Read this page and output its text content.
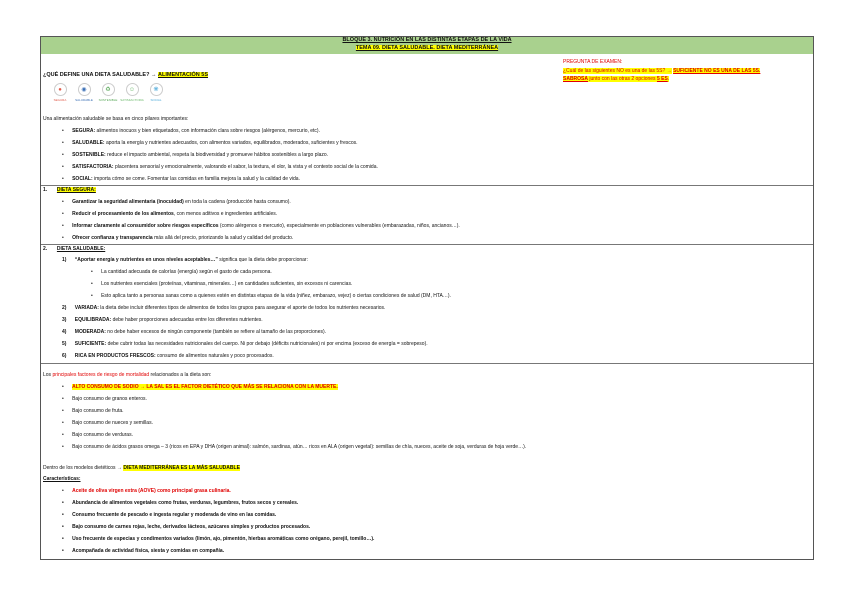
BLOQUE 3. NUTRICIÓN EN LAS DISTINTAS ETAPAS DE LA VIDA
TEMA 09. DIETA SALUDABLE. DIETA MEDITERRÁNEA
¿QUÉ DEFINE UNA DIETA SALUDABLE? → ALIMENTACIÓN 5S
PREGUNTA DE EXAMEN:
¿Cuál de las siguientes NO es una de las 5S? → SUFICIENTE NO ES UNA DE LAS 5S.
SABROSA junto con las otras 2 opciones 5 ES.
●
SEGURA
◉
SALUDABLE
♻
SOSTENIBLE
☺
SATISFACTORIA
❋
SOCIAL
Una alimentación saludable se basa en cinco pilares importantes:
•      SEGURA: alimentos inocuos y bien etiquetados, con información clara sobre riesgos (alérgenos, mercurio, etc).
•      SALUDABLE: aporta la energía y nutrientes adecuados, con alimentos variados, equilibrados, moderados, suficientes y frescos.
•      SOSTENIBLE: reduce el impacto ambiental, respeta la biodiversidad y promueve hábitos sostenibles a largo plazo.
•      SATISFACTORIA: placentera sensorial y emocionalmente, valorando el sabor, la textura, el olor, la vista y el contexto social de la comida.
•      SOCIAL: importa cómo se come. Fomentar las comidas en familia mejora la salud y la calidad de vida.
1. DIETA SEGURA:
•      Garantizar la seguridad alimentaria (inocuidad) en toda la cadena (producción hasta consumo).
•      Reducir el procesamiento de los alimentos, con menos aditivos e ingredientes artificiales.
•      Informar claramente al consumidor sobre riesgos específicos (como alérgenos o mercurio), especialmente en poblaciones vulnerables (embarazadas, niños, ancianos…).
•      Ofrecer confianza y transparencia más allá del precio, priorizando la salud y calidad del producto.
2. DIETA SALUDABLE:
1) “Aportar energía y nutrientes en unos niveles aceptables…” significa que la dieta debe proporcionar:
•      La cantidad adecuada de calorías (energía) según el gasto de cada persona.
•      Los nutrientes esenciales (proteínas, vitaminas, minerales…) en cantidades suficientes, sin excesos ni carencias.
•      Esto aplica tanto a personas sanas como a quienes estén en distintas etapas de la vida (niñez, embarazo, vejez) o ciertas condiciones de salud (DM, HTA…).
2) VARIADA: la dieta debe incluir diferentes tipos de alimentos de todos los grupos para asegurar el aporte de todos los nutrientes necesarios.
3) EQUILIBRADA: debe haber proporciones adecuadas entre los diferentes nutrientes.
4) MODERADA: no debe haber excesos de ningún componente (también se refiere al tamaño de las proporciones).
5) SUFICIENTE: debe cubrir todas las necesidades nutricionales del cuerpo. Ni por debajo (déficits nutricionales) ni por encima (exceso de energía = sobrepeso).
6) RICA EN PRODUCTOS FRESCOS: consumo de alimentos naturales y poco procesados.
Los principales factores de riesgo de mortalidad relacionados a la dieta son:
•      ALTO CONSUMO DE SODIO → LA SAL ES EL FACTOR DIETÉTICO QUE MÁS SE RELACIONA CON LA MUERTE.
•      Bajo consumo de granos enteros.
•      Bajo consumo de fruta.
•      Bajo consumo de nueces y semillas.
•      Bajo consumo de verduras.
•      Bajo consumo de ácidos grasos omega – 3 (ricos en EPA y DHA (origen animal): salmón, sardinas, atún… ricos en ALA (origen vegetal): semillas de chía, nueces, aceite de soja, verduras de hoja verde…).
Dentro de los modelos dietéticos → DIETA MEDITERRÁNEA ES LA MÁS SALUDABLE
Características:
•      Aceite de oliva virgen extra (AOVE) como principal grasa culinaria.
•      Abundancia de alimentos vegetales como frutas, verduras, legumbres, frutos secos y cereales.
•      Consumo frecuente de pescado e ingesta regular y moderada de vino en las comidas.
•      Bajo consumo de carnes rojas, leche, derivados lácteos, azúcares simples y productos procesados.
•      Uso frecuente de especias y condimentos variados (limón, ajo, pimentón, hierbas aromáticas como orégano, perejil, tomillo…).
•      Acompañada de actividad física, siesta y comidas en compañía.
